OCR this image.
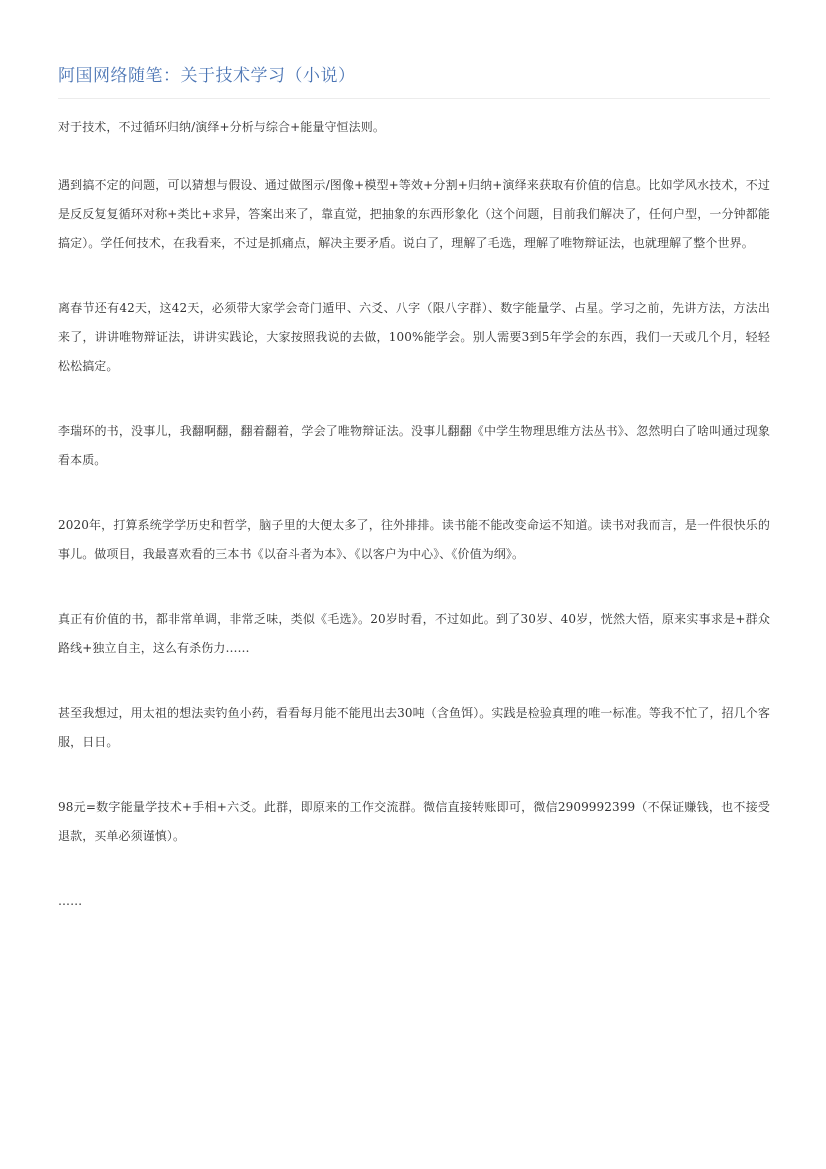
阿国网络随笔：关于技术学习（小说）

对于技术，不过循环归纳/演绎+分析与综合+能量守恒法则。

遇到搞不定的问题，可以猜想与假设、通过做图示/图像+模型+等效+分割+归纳+演绎来获取有价值的信息。比如学风水技术，不过是反反复复循环对称+类比+求异，答案出来了，靠直觉，把抽象的东西形象化（这个问题，目前我们解决了，任何户型，一分钟都能搞定）。学任何技术，在我看来，不过是抓痛点，解决主要矛盾。说白了，理解了毛选，理解了唯物辩证法，也就理解了整个世界。

离春节还有42天，这42天，必须带大家学会奇门遁甲、六爻、八字（限八字群）、数字能量学、占星。学习之前，先讲方法，方法出来了，讲讲唯物辩证法，讲讲实践论，大家按照我说的去做，100%能学会。别人需要3到5年学会的东西，我们一天或几个月，轻轻松松搞定。

李瑞环的书，没事儿，我翻啊翻，翻着翻着，学会了唯物辩证法。没事儿翻翻《中学生物理思维方法丛书》、忽然明白了啥叫通过现象看本质。

2020年，打算系统学学历史和哲学，脑子里的大便太多了，往外排排。读书能不能改变命运不知道。读书对我而言，是一件很快乐的事儿。做项目，我最喜欢看的三本书《以奋斗者为本》、《以客户为中心》、《价值为纲》。

真正有价值的书，都非常单调，非常乏味，类似《毛选》。20岁时看，不过如此。到了30岁、40岁，恍然大悟，原来实事求是+群众路线+独立自主，这么有杀伤力……

甚至我想过，用太祖的想法卖钓鱼小药，看看每月能不能甩出去30吨（含鱼饵）。实践是检验真理的唯一标准。等我不忙了，招几个客服，日日。

98元=数字能量学技术+手相+六爻。此群，即原来的工作交流群。微信直接转账即可，微信2909992399（不保证赚钱，也不接受退款，买单必须谨慎）。

……
